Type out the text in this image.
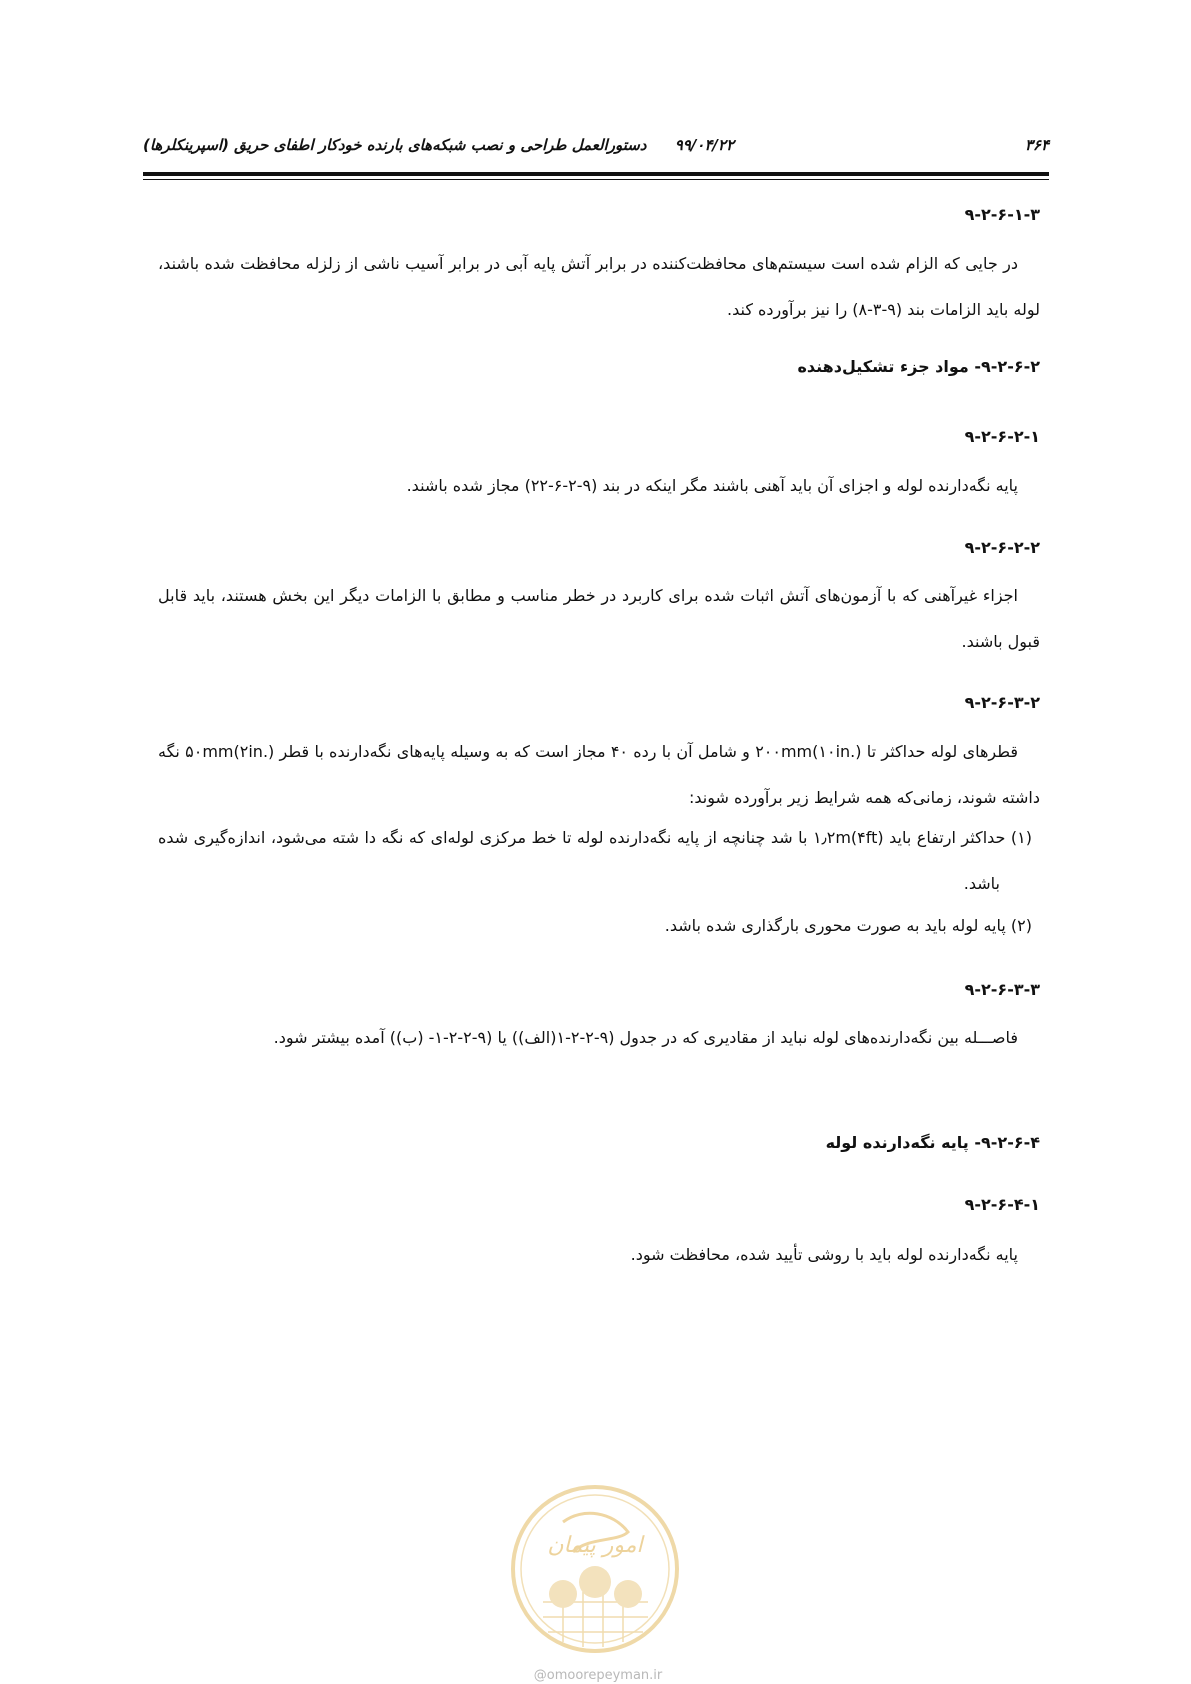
۳۶۴
۹۹/۰۴/۲۲
دستورالعمل طراحی و نصب شبکه‌های بارنده خودکار اطفای حریق (اسپرینکلرها)

۹-۲-۶-۱-۳

در جایی که الزام شده است سیستم‌های محافظت‌کننده در برابر آتش پایه آبی در برابر آسیب ناشی از زلزله محافظت شده باشند، لوله باید الزامات بند (۹-۳-۸) را نیز برآورده کند.

۹-۲-۶-۲- مواد جزء تشکیل‌دهنده

۹-۲-۶-۲-۱

پایه نگه‌دارنده لوله و اجزای آن باید آهنی باشند مگر اینکه در بند (۹-۲-۶-۲۲) مجاز شده باشند.

۹-۲-۶-۲-۲

اجزاء غیرآهنی که با آزمون‌های آتش اثبات شده برای کاربرد در خطر مناسب و مطابق با الزامات دیگر این بخش هستند، باید قابل قبول باشند.

۹-۲-۶-۳-۲

قطرهای لوله حداکثر تا ۲۰۰mm(۱۰in.) و شامل آن با رده ۴۰ مجاز است که به وسیله پایه‌های نگه‌دارنده با قطر ۵۰mm(۲in.) نگه داشته شوند، زمانی‌که همه شرایط زیر برآورده شوند:

(۱) حداکثر ارتفاع باید ۱٫۲m(۴ft) با شد چنانچه از پایه نگه‌دارنده لوله تا خط مرکزی لوله‌ای که نگه دا شته می‌شود، اندازه‌گیری شده باشد.

(۲) پایه لوله باید به صورت محوری بارگذاری شده باشد.

۹-۲-۶-۳-۳

فاصـــله بین نگه‌دارنده‌های لوله نباید از مقادیری که در جدول (۹-۲-۲-۱(الف)) یا (۹-۲-۲-۱- (ب)) آمده بیشتر شود.

۹-۲-۶-۴- پایه نگه‌دارنده لوله

۹-۲-۶-۴-۱

پایه نگه‌دارنده لوله باید با روشی تأیید شده، محافظت شود.

امور پیمان
@omoorepeyman.ir
